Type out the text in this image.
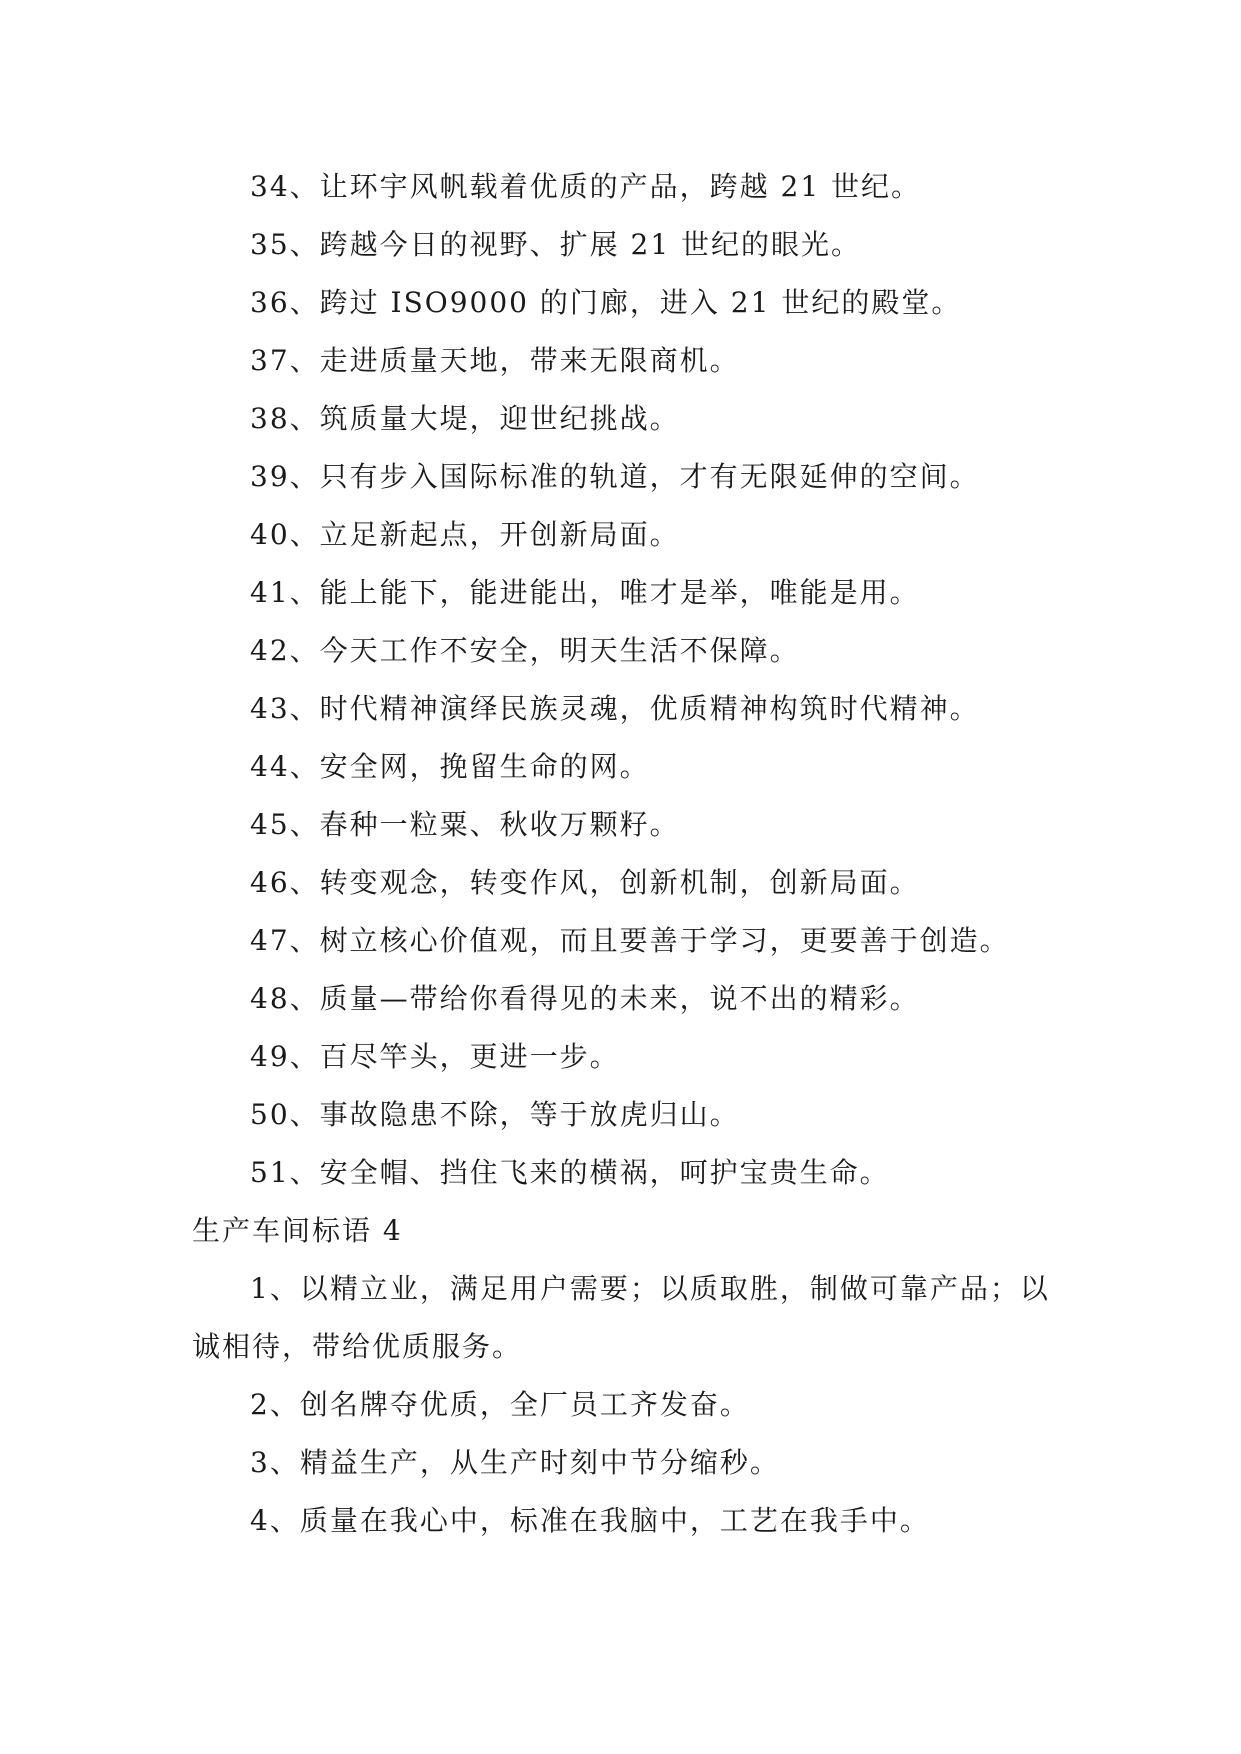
34、让环宇风帆载着优质的产品，跨越 21 世纪。
35、跨越今日的视野、扩展 21 世纪的眼光。
36、跨过 ISO9000 的门廊，进入 21 世纪的殿堂。
37、走进质量天地，带来无限商机。
38、筑质量大堤，迎世纪挑战。
39、只有步入国际标准的轨道，才有无限延伸的空间。
40、立足新起点，开创新局面。
41、能上能下，能进能出，唯才是举，唯能是用。
42、今天工作不安全，明天生活不保障。
43、时代精神演绎民族灵魂，优质精神构筑时代精神。
44、安全网，挽留生命的网。
45、春种一粒粟、秋收万颗籽。
46、转变观念，转变作风，创新机制，创新局面。
47、树立核心价值观，而且要善于学习，更要善于创造。
48、质量—带给你看得见的未来，说不出的精彩。
49、百尽竿头，更进一步。
50、事故隐患不除，等于放虎归山。
51、安全帽、挡住飞来的横祸，呵护宝贵生命。
生产车间标语 4
1、以精立业，满足用户需要；以质取胜，制做可靠产品；以诚相待，带给优质服务。
2、创名牌夺优质，全厂员工齐发奋。
3、精益生产，从生产时刻中节分缩秒。
4、质量在我心中，标准在我脑中，工艺在我手中。
